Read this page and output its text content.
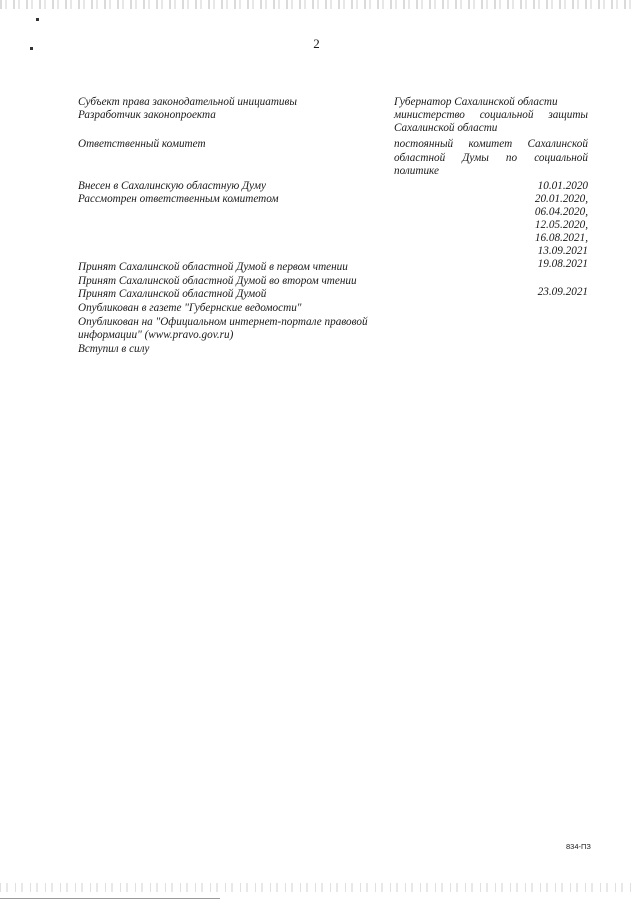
2
Субъект права законодательной инициативы
Разработчик законопроекта
Ответственный комитет
Внесен в Сахалинскую областную Думу
Рассмотрен ответственным комитетом
Принят Сахалинской областной Думой в первом чтении
Принят Сахалинской областной Думой во втором чтении
Принят Сахалинской областной Думой
Опубликован в газете "Губернские ведомости"
Опубликован на "Официальном интернет-портале правовой
информации" (www.pravo.gov.ru)
Вступил в силу
Губернатор Сахалинской области
министерство социальной защиты
Сахалинской области
постоянный комитет Сахалинской
областной Думы по социальной
политике
10.01.2020
20.01.2020,
06.04.2020,
12.05.2020,
16.08.2021,
13.09.2021
19.08.2021
23.09.2021
834-ПЗ
